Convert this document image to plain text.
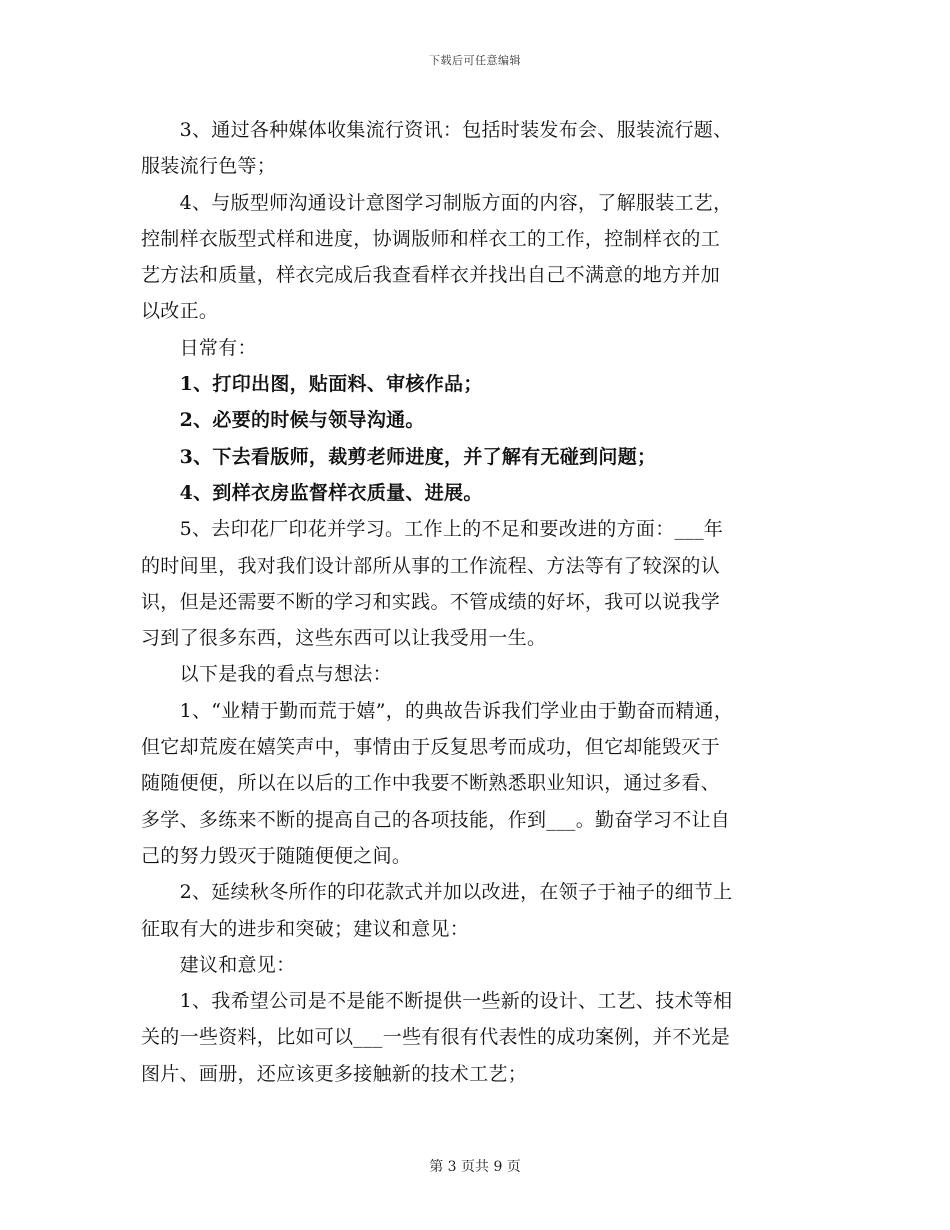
下载后可任意编辑

　　3、通过各种媒体收集流行资讯：包括时装发布会、服装流行题、
服装流行色等；

　　4、与版型师沟通设计意图学习制版方面的内容，了解服装工艺，
控制样衣版型式样和进度，协调版师和样衣工的工作，控制样衣的工
艺方法和质量，样衣完成后我查看样衣并找出自己不满意的地方并加
以改正。

　　日常有：

　　1、打印出图，贴面料、审核作品；

　　2、必要的时候与领导沟通。

　　3、下去看版师，裁剪老师进度，并了解有无碰到问题；

　　4、到样衣房监督样衣质量、进展。

　　5、去印花厂印花并学习。工作上的不足和要改进的方面：___年
的时间里，我对我们设计部所从事的工作流程、方法等有了较深的认
识，但是还需要不断的学习和实践。不管成绩的好坏，我可以说我学
习到了很多东西，这些东西可以让我受用一生。

　　以下是我的看点与想法：

　　1、“业精于勤而荒于嬉”，的典故告诉我们学业由于勤奋而精通，
但它却荒废在嬉笑声中，事情由于反复思考而成功，但它却能毁灭于
随随便便，所以在以后的工作中我要不断熟悉职业知识，通过多看、
多学、多练来不断的提高自己的各项技能，作到___。勤奋学习不让自
己的努力毁灭于随随便便之间。

　　2、延续秋冬所作的印花款式并加以改进，在领子于袖子的细节上
征取有大的进步和突破；建议和意见：

　　建议和意见：

　　1、我希望公司是不是能不断提供一些新的设计、工艺、技术等相
关的一些资料，比如可以___一些有很有代表性的成功案例，并不光是
图片、画册，还应该更多接触新的技术工艺；

第 3 页共 9 页
